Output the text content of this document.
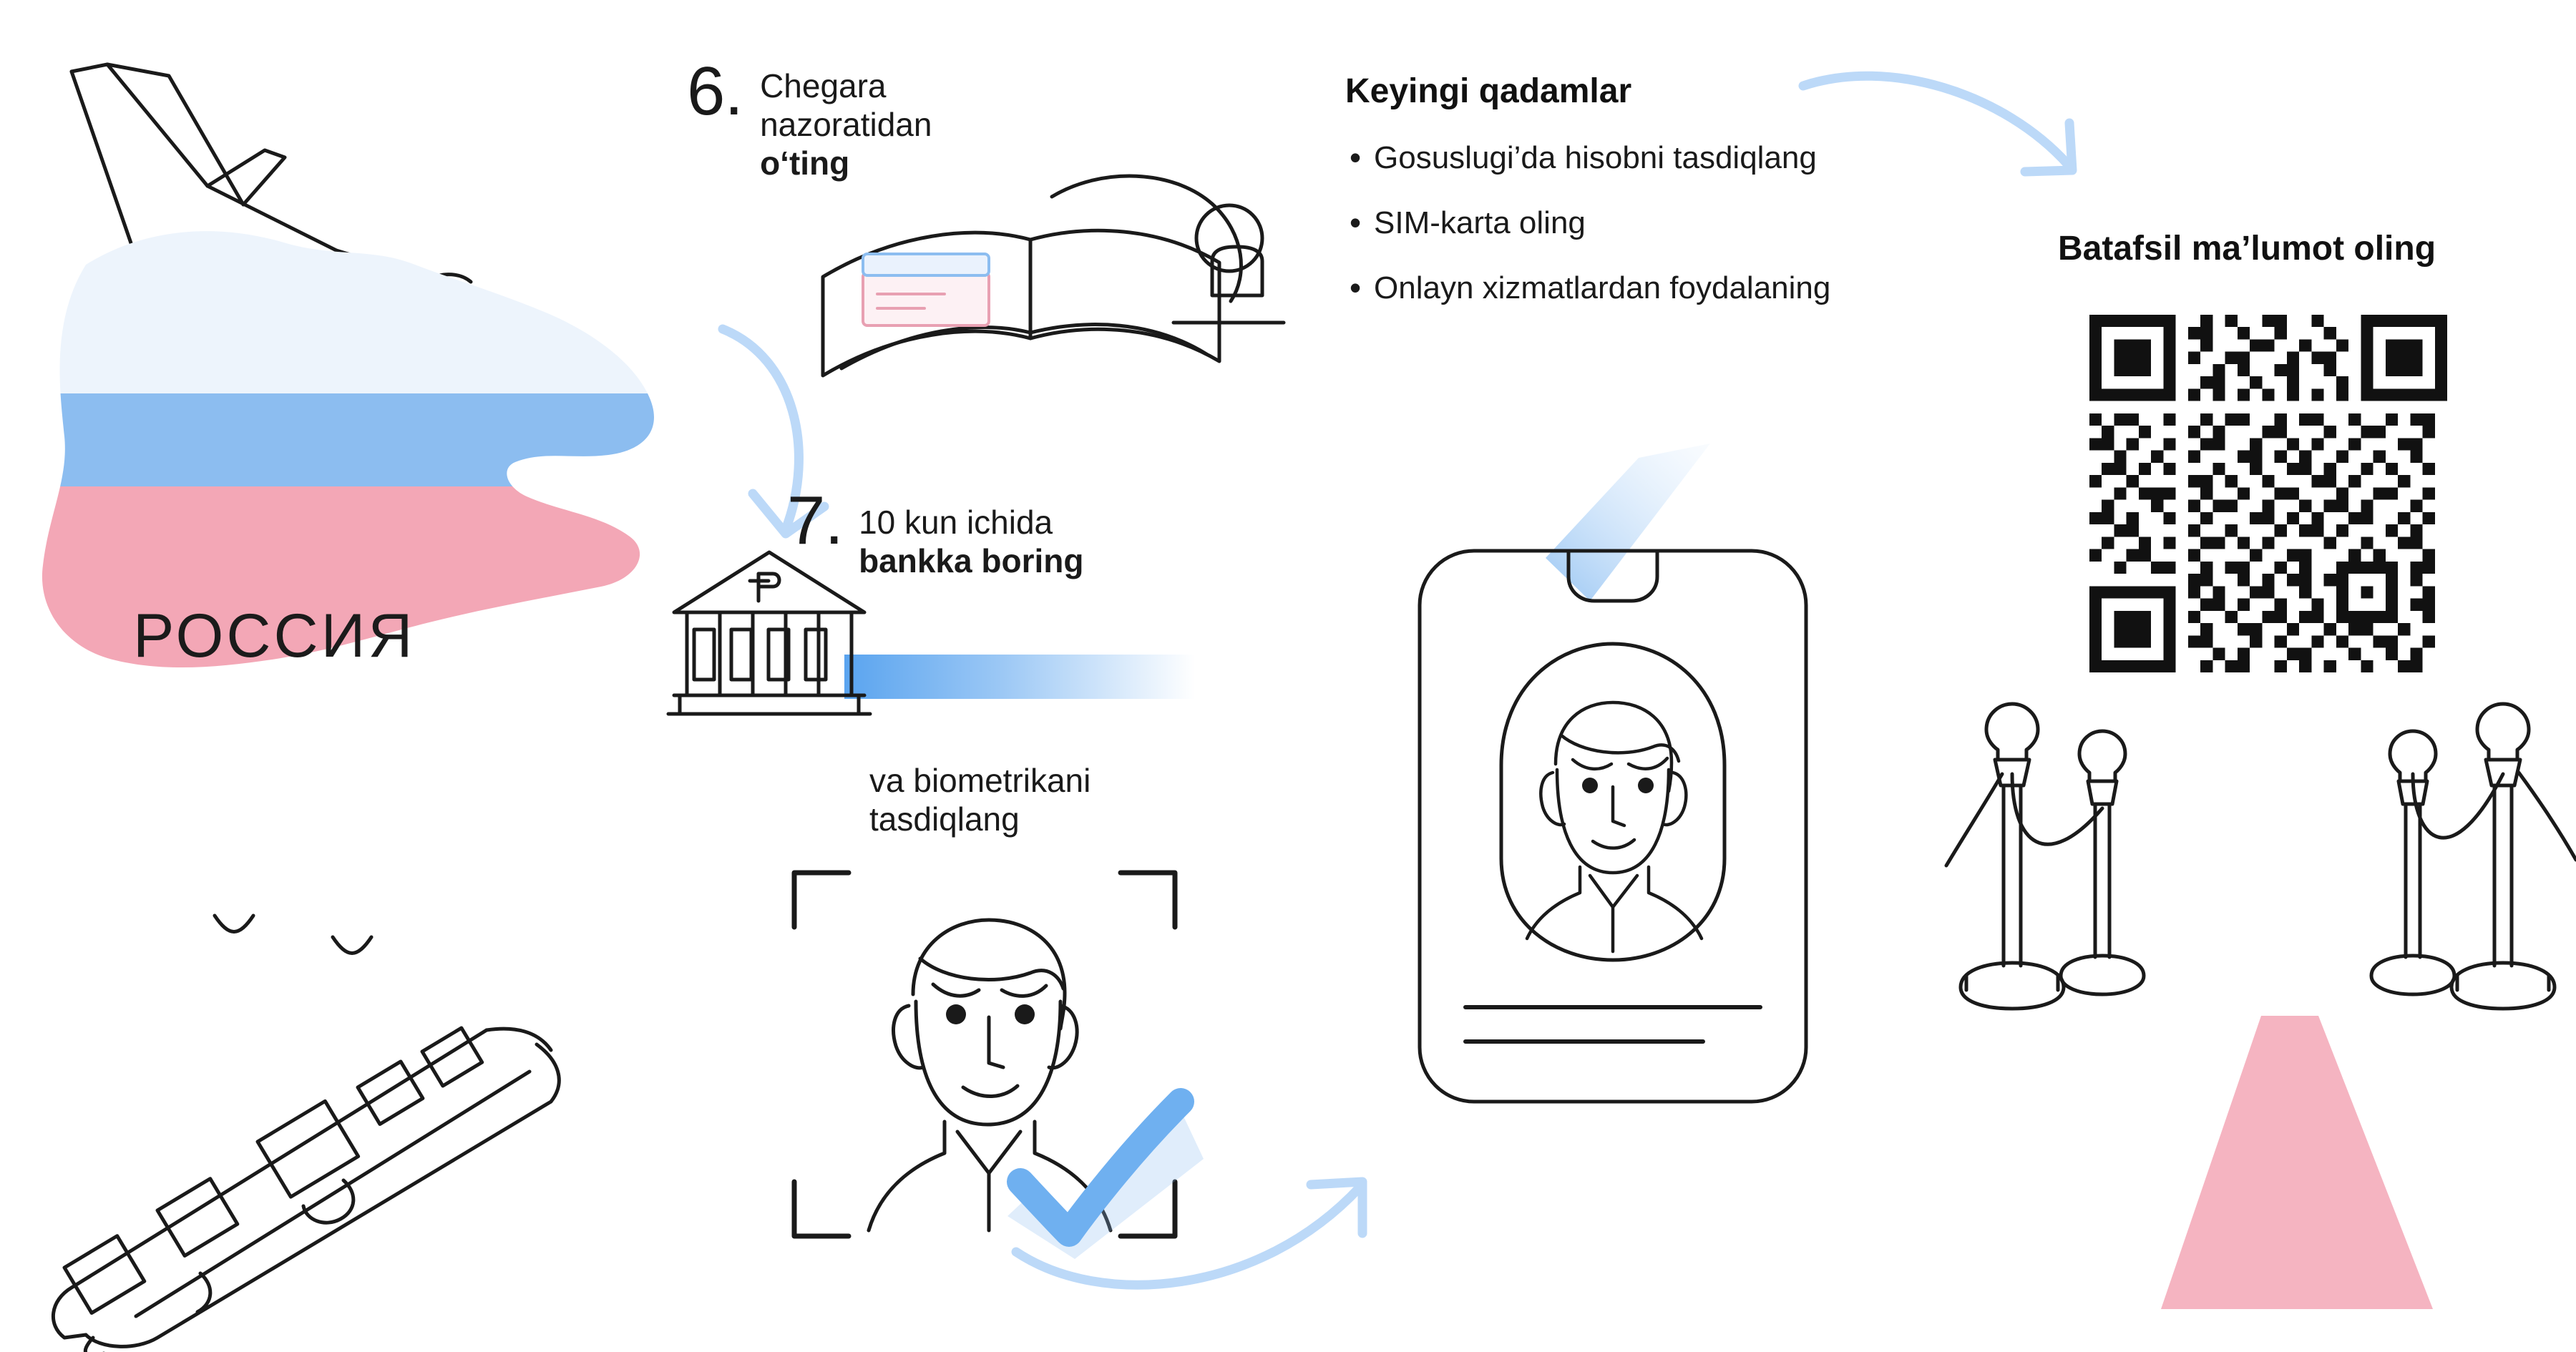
РОССИЯ
6. Chegara
nazoratidan
o‘ting
7. 10 kun ichida
bankka boring
va biometrikani
tasdiqlang
Keyingi qadamlar
• Gosuslugi’da hisobni tasdiqlang
• SIM-karta oling
• Onlayn xizmatlardan foydalaning
Batafsil ma’lumot oling
